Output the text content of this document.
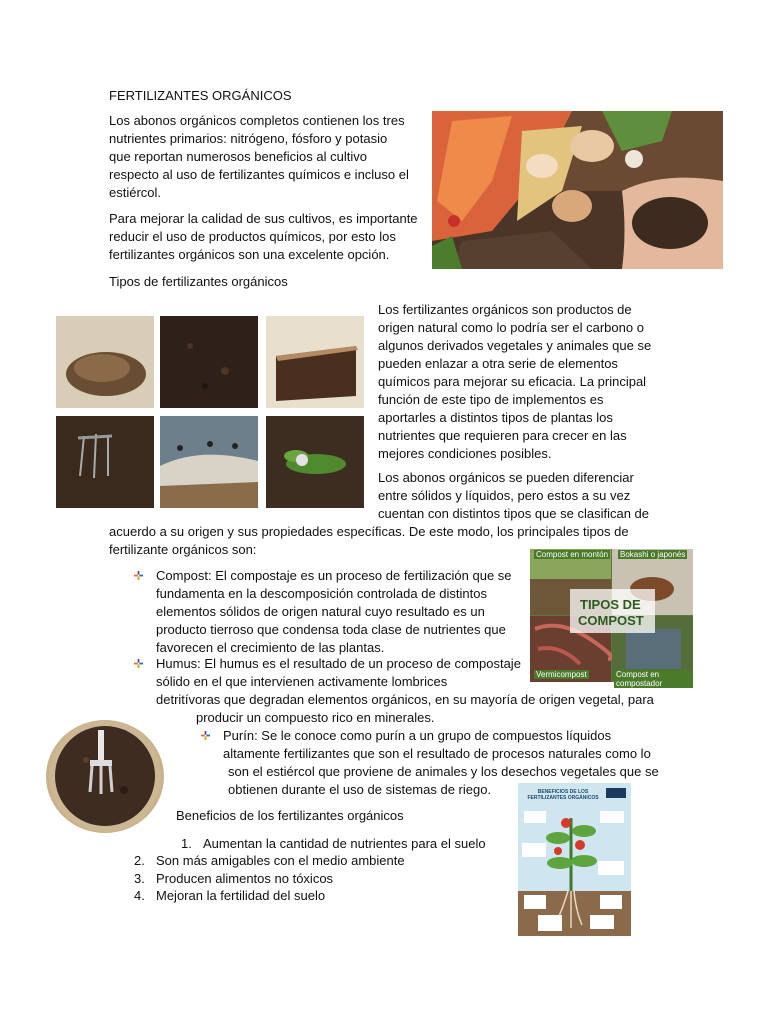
FERTILIZANTES ORGÁNICOS

Los abonos orgánicos completos contienen los tres

nutrientes primarios: nitrógeno, fósforo y potasio

que reportan numerosos beneficios al cultivo

respecto al uso de fertilizantes químicos e incluso el

estiércol.

Para mejorar la calidad de sus cultivos, es importante

reducir el uso de productos químicos, por esto los

fertilizantes orgánicos son una excelente opción.

Tipos de fertilizantes orgánicos

Los fertilizantes orgánicos son productos de

origen natural como lo podría ser el carbono o

algunos derivados vegetales y animales que se

pueden enlazar a otra serie de elementos

químicos para mejorar su eficacia. La principal

función de este tipo de implementos es

aportarles a distintos tipos de plantas los

nutrientes que requieren para crecer en las

mejores condiciones posibles.

Los abonos orgánicos se pueden diferenciar

entre sólidos y líquidos, pero estos a su vez

cuentan con distintos tipos que se clasifican de

acuerdo a su origen y sus propiedades específicas. De este modo, los principales tipos de

fertilizante orgánicos son:	Compost en montón Bokashi o japonés
TIPOS DE
COMPOST
Vermicompost	Compost en compostador

Compost: El compostaje es un proceso de fertilización que se

fundamenta en la descomposición controlada de distintos

elementos sólidos de origen natural cuyo resultado es un

producto tierroso que condensa toda clase de nutrientes que

favorecen el crecimiento de las plantas.

Humus: El humus es el resultado de un proceso de compostaje

sólido en el que intervienen activamente lombrices

detritívoras que degradan elementos orgánicos, en su mayoría de origen vegetal, para

producir un compuesto rico en minerales.

Purín: Se le conoce como purín a un grupo de compuestos líquidos

altamente fertilizantes que son el resultado de procesos naturales como lo

son el estiércol que proviene de animales y los desechos vegetales que se

obtienen durante el uso de sistemas de riego.	BENEFICIOS DE LOS FERTILIZANTES ORGÁNICOS

Beneficios de los fertilizantes orgánicos

1. Aumentan la cantidad de nutrientes para el suelo

2. Son más amigables con el medio ambiente

3. Producen alimentos no tóxicos

4. Mejoran la fertilidad del suelo
